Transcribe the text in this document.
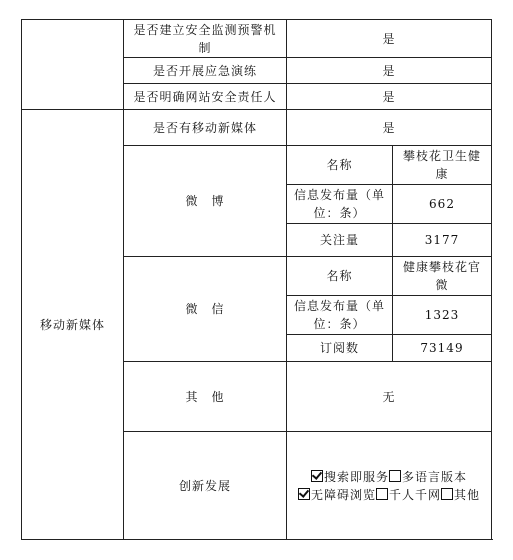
	是否建立安全监测预警机制	是	
	是否开展应急演练	是	
	是否明确网站安全责任人	是	
移动新媒体	是否有移动新媒体	是	
	微　博	名称	攀枝花卫生健康
		信息发布量（单位：条）	662
		关注量	3177
	微　信	名称	健康攀枝花官微
		信息发布量（单位：条）	1323
		订阅数	73149
	其　他	无	
	创新发展	搜索即服务 多语言版本无障碍浏览 千人千网 其他	
